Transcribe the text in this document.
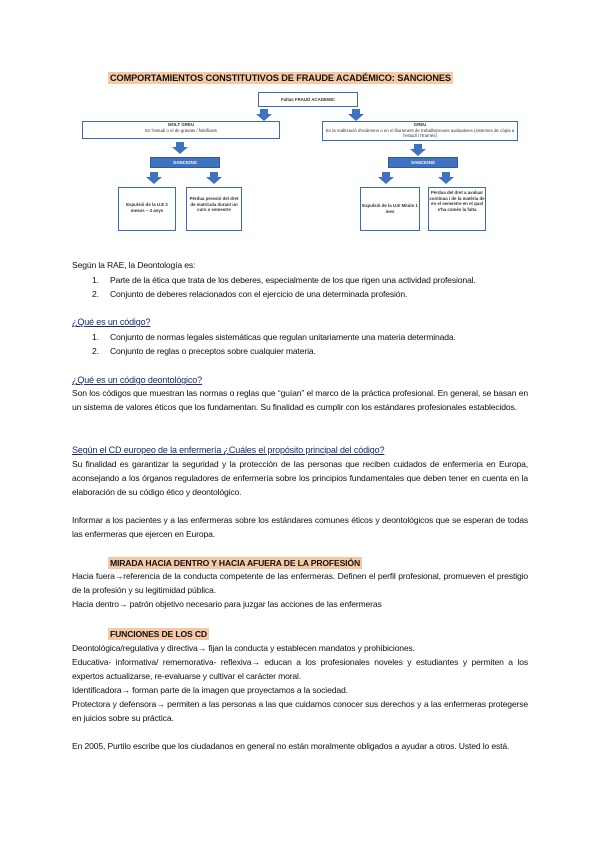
COMPORTAMIENTOS CONSTITUTIVOS DE FRAUDE ACADÉMICO: SANCIONES
Faltas FRAUD ACADEMIC
MOLT GREU
En l'estudi o el de gravats / falsificats
GREU
En la realització d'exàmens o en el lliurament de treballs/proves avaluatives (sistemes de còpia a l'estudi i l'tramés)
SANCIONS	SANCIONS
Expulsió de la U.E 2 mesos – 3 anys
Pèrdua pressió del dret de matrícula durant un curs o semestre
Expulsió de la U.E Mínim 1 mes
Pèrdua del dret a avaluar continua i de la matèria de en el semestre en el qual s'ha comès la falta
Según la RAE, la Deontología es:
1. Parte de la ética que trata de los deberes, especialmente de los que rigen una actividad profesional.
2. Conjunto de deberes relacionados con el ejercicio de una determinada profesión.
¿Qué es un código?
1. Conjunto de normas legales sistemáticas que regulan unitariamente una materia determinada.
2. Conjunto de reglas o preceptos sobre cualquier materia.
¿Qué es un código deontológico?
Son los códigos que muestran las normas o reglas que “guían” el marco de la práctica profesional. En general, se basan en un sistema de valores éticos que los fundamentan. Su finalidad es cumplir con los estándares profesionales establecidos.
Según el CD europeo de la enfermería ¿Cuáles el propósito principal del código?
Su finalidad es garantizar la seguridad y la protección de las personas que reciben cuidados de enfermería en Europa, aconsejando a los órganos reguladores de enfermería sobre los principios fundamentales que deben tener en cuenta en la elaboración de su código ético y deontológico.
Informar a los pacientes y a las enfermeras sobre los estándares comunes éticos y deontológicos que se esperan de todas las enfermeras que ejercen en Europa.
MIRADA HACIA DENTRO Y HACIA AFUERA DE LA PROFESIÓN
Hacia fuera→referencia de la conducta competente de las enfermeras. Definen el perfil profesional, promueven el prestigio de la profesión y su legitimidad pública.
Hacia dentro→ patrón objetivo necesario para juzgar las acciones de las enfermeras
FUNCIONES DE LOS CD
Deontológica/regulativa y directiva→ fijan la conducta y establecen mandatos y prohibiciones.
Educativa- informativa/ rememorativa- reflexiva→ educan a los profesionales noveles y estudiantes y permiten a los expertos actualizarse, re-evaluarse y cultivar el carácter moral.
Identificadora→ forman parte de la imagen que proyectamos a la sociedad.
Protectora y defensora→ permiten a las personas a las que cuidamos conocer sus derechos y a las enfermeras protegerse en juicios sobre su práctica.
En 2005, Purtilo escribe que los ciudadanos en general no están moralmente obligados a ayudar a otros. Usted lo está.
